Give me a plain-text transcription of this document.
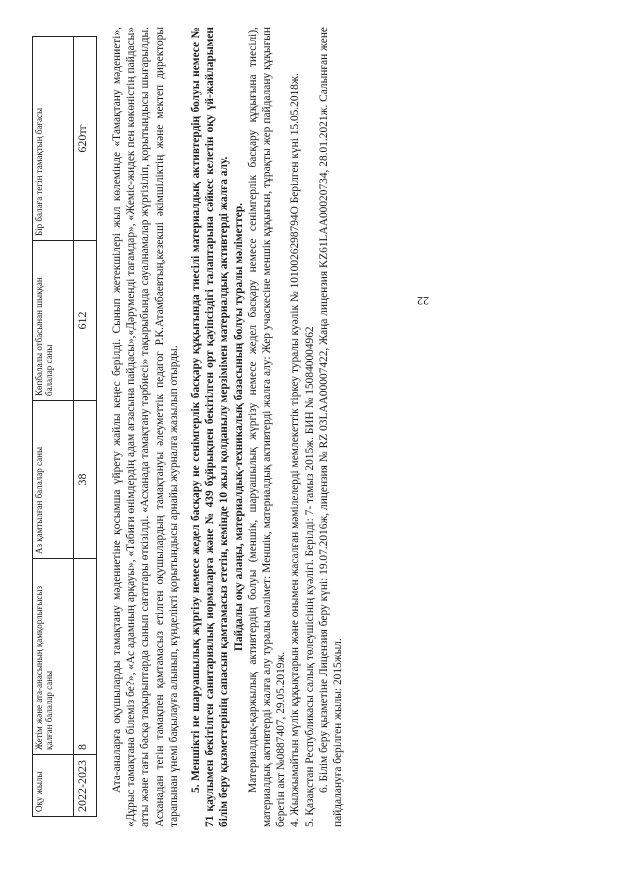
Оқу жылы	Жетім және ата-анасының қамқорлығысыз қалған балалар саны	Аз қамтылған балалар саны	Көпбалалы отбасынан шыққан балалар саны	Бір балаға тегін тамақтың бағасы
2022-2023	8	38	612	620тг Ата-аналарға оқушыларды тамақтану мәдениетіне қосымша үйрету жайлы кеңес берілді. Сынып жетекшілері жыл көлемінде «Тамақтану мәдениеті», «Дұрыс тамақтана білеміз бе?», «Ас адамның арқауы», «Табиғи өнімдердің адам ағзасына пайдасы»,«Дәрумендi тағамдар», «Жеміс-жидек пен көкөністің пайдасы» атты және тағы басқа тақырыптарда сынып сағаттары өткізілді. «Асханада тамақтану тәрбиесі» тақырыбында сауалнамалар жүргізіліп, қорытындысы шығарылды. Асханадан тегін тамақпен қамтамасыз етілген оқушылардың тамақтануы әлеуметтік педагог Р.К.Атамбаевтың,кезекші әкімшіліктің және мектеп директоры тарапынан үнемі бақылауға алынып, күнделікті қорытындысы арнайы журналға жазылып отырды. 5. Меншікті не шаруашылық жүргізу немесе жедел басқару не сенімгерлік басқару құқығында тиесілі материалдық активтердің болуы немесе № 71 қаулымен бекітілген санитариялық нормаларға және № 439 бұйрықпен бекітілген орт қауіпсіздігі талаптарына сәйкес келетін оқу үй-жайларымен білім беру қызметтерінің сапасын қамтамасыз ететін, кемінде 10 жыл қолданылу мерзімімен материалдық активтерді жалға алу. Пайдалы оқу алаңы, материалдық-техникалық базасының болуы туралы мәліметтер. Материалдық-қаржылық активтердің болуы (меншік, шаруашылық жүргізу немесе жедел басқару немесе сенімгерлік басқару құқығына тиесілі), материалдық активтерді жалға алу туралы мәлімет: Меншік, материалдық активтерді жалға алу: Жер учаскесіне меншік құқығын, тұрақты жер пайдалану құқығын беретін акт №0887407, 29.05.2019ж. 4. Жылжымайтын мүлік құқықтарын және онымен жасалған мәмілелерді мемлекеттік тіркеу туралы куәлік № 1010026298794О Берілген күні 15.05.2018ж. 5. Қазақстан Республикасы салық төлеушісінің куәлігі. Берілді: 7- тамыз 2015ж. БИН № 150840004962 6. Білім беру қызметіне Лицензия беру күні: 19.07.2016ж, лицензия № RZ 03LAA00007422, Жаңа лицензия KZ61LAA00020734, 28.01.2021ж. Салынған жене пайдалануға берілген жылы: 2015жыл.

22
